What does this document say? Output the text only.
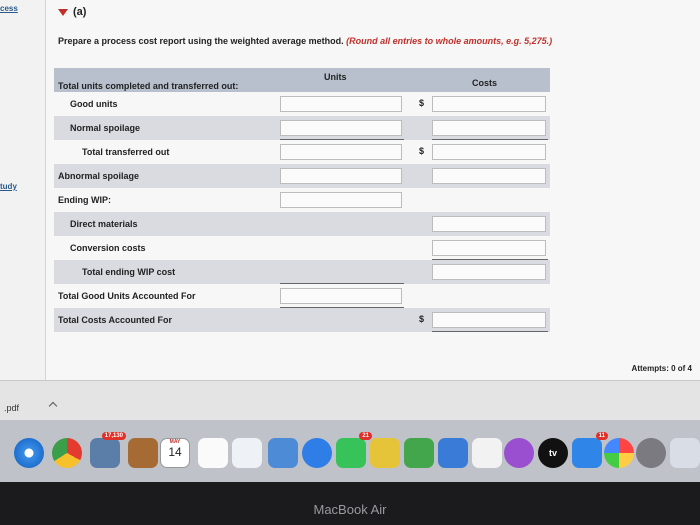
cess
tudy
(a)
Prepare a process cost report using the weighted average method. (Round all entries to whole amounts, e.g. 5,275.)
Total units completed and transferred out:
Units
Costs
Good units	$
Normal spoilage
Total transferred out	$
Abnormal spoilage
Ending WIP:
Direct materials
Conversion costs
Total ending WIP cost
Total Good Units Accounted For
Total Costs Accounted For	$
Attempts: 0 of 4
.pdf
17,130
MAY
14
21
tv
11
MacBook Air
